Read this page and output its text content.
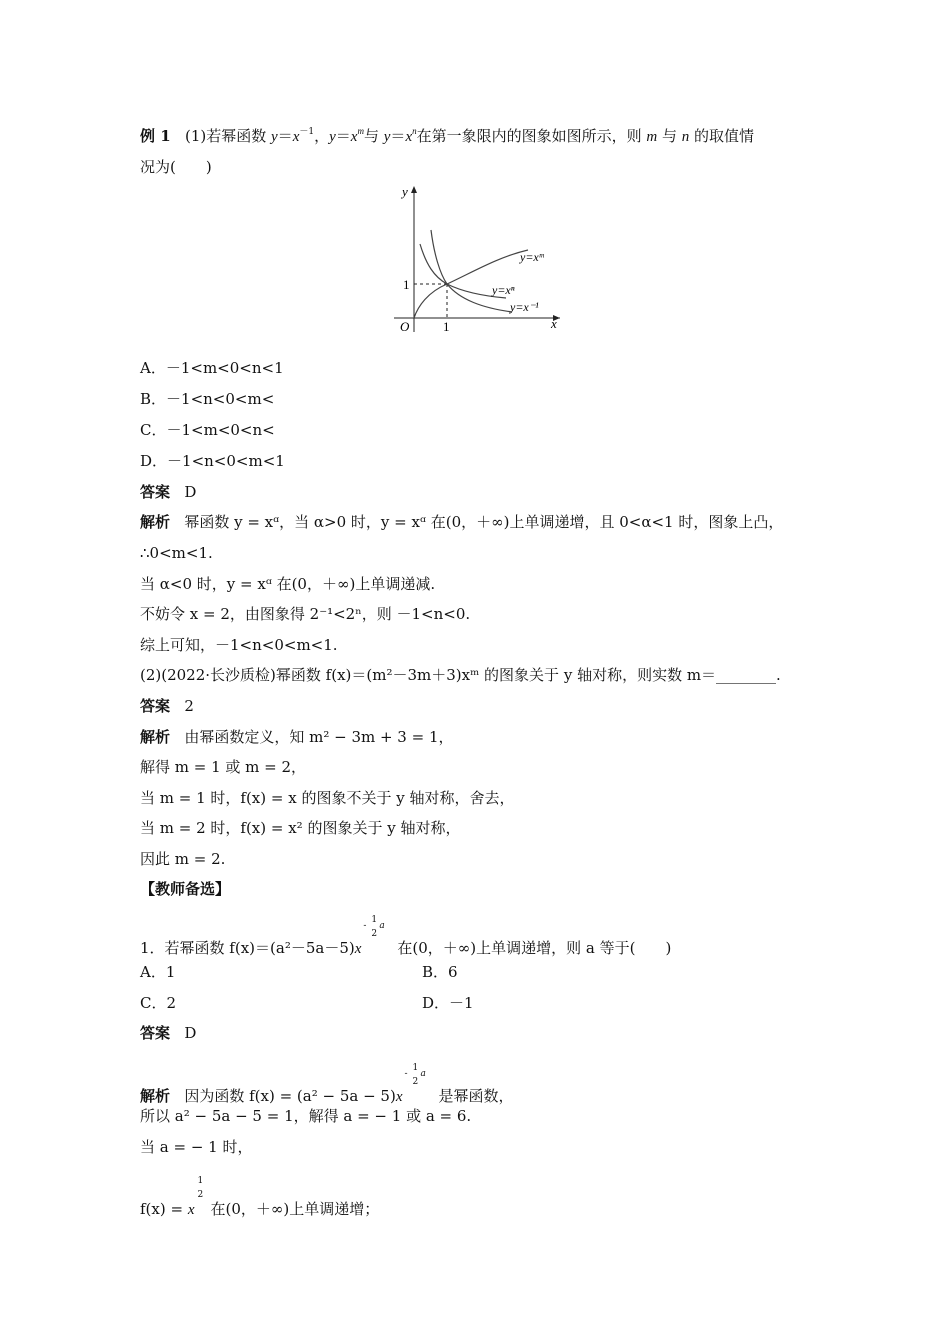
例 1   (1)若幂函数 $y=x^{-1}$，$y=x^m$与 $y=x^n$在第一象限内的图象如图所示，则 m 与 n 的取值情
况为(　　)
y
x
O	1
1
y=xᵐ
y=xⁿ
y=x⁻¹
A．－1<m<0<n<1
B．－1<n<0<m<
C．－1<m<0<n<
D．－1<n<0<m<1
答案 D
解析 幂函数 y = xᵅ，当 α>0 时，y = xᵅ 在(0，＋∞)上单调递增，且 0<α<1 时，图象上凸，
∴0<m<1.
当 α<0 时，y = xᵅ 在(0，＋∞)上单调递减.
不妨令 x = 2，由图象得 2⁻¹<2ⁿ，则 －1<n<0.
综上可知，－1<n<0<m<1.
(2)(2022·长沙质检)幂函数 f(x)＝(m²－3m＋3)xᵐ 的图象关于 y 轴对称，则实数 m＝________.
答案 2
解析 由幂函数定义，知 m² − 3m + 3 = 1，
解得 m = 1 或 m = 2，
当 m = 1 时，f(x) = x 的图象不关于 y 轴对称，舍去，
当 m = 2 时，f(x) = x² 的图象关于 y 轴对称，
因此 m = 2.
【教师备选】
1．若幂函数 f(x)＝(a²－5a－5)x
-
1
2
a
在(0，＋∞)上单调递增，则 a 等于(　　)
A．1	B．6
C．2	D．－1
答案 D
解析 因为函数 f(x) = (a² − 5a − 5)x
-
1
2
a
是幂函数，
所以 a² − 5a − 5 = 1，解得 a = − 1 或 a = 6.
当 a = − 1 时，
f(x) = x
1
2
在(0，＋∞)上单调递增；
